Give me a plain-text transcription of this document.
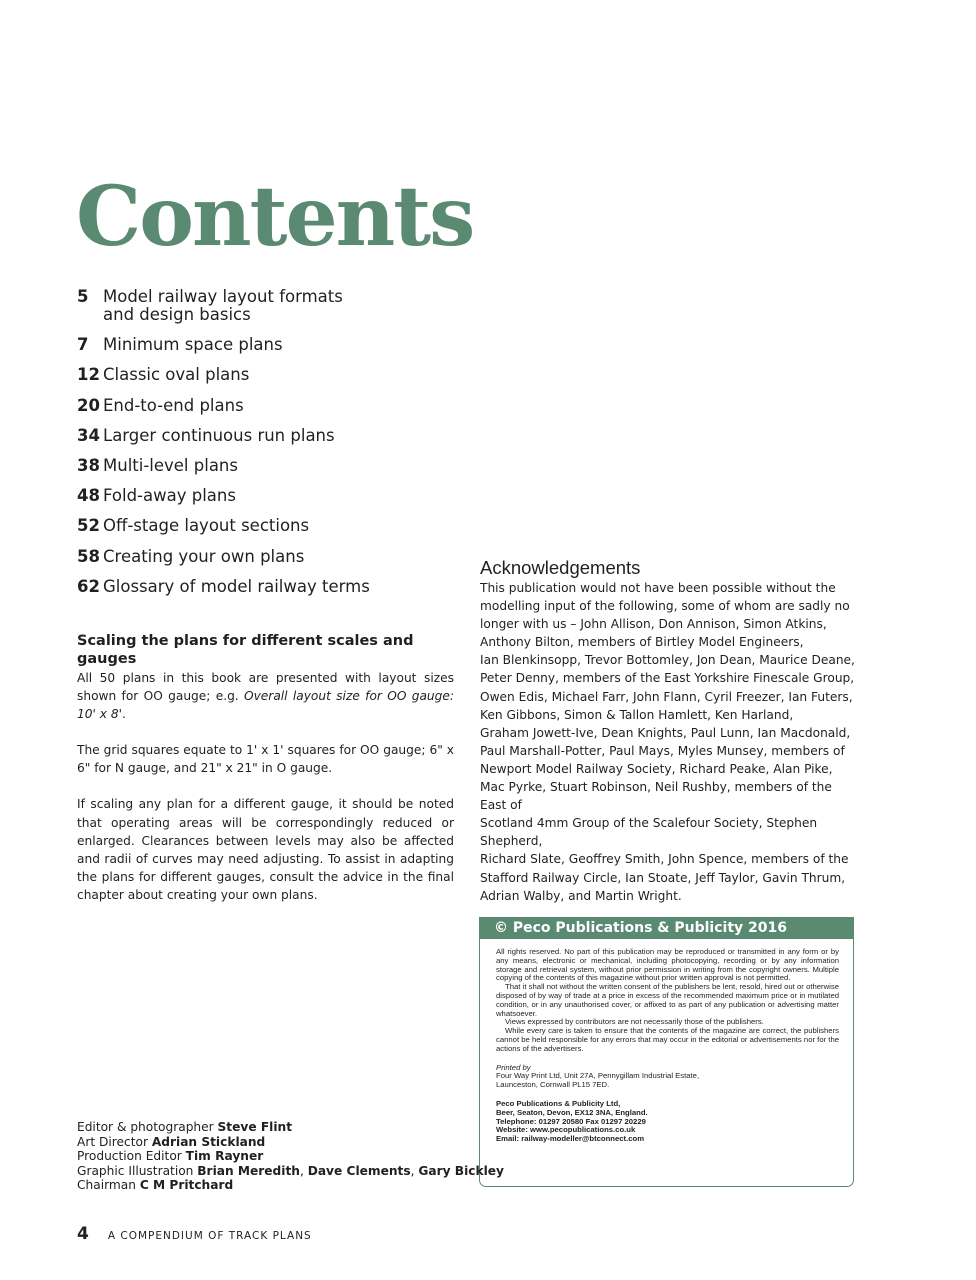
Contents
5 Model railway layout formats
and design basics
7 Minimum space plans
12 Classic oval plans
20 End-to-end plans
34 Larger continuous run plans
38 Multi-level plans
48 Fold-away plans
52 Off-stage layout sections
58 Creating your own plans
62 Glossary of model railway terms
Scaling the plans for different scales and gauges

All 50 plans in this book are presented with layout sizes shown for OO gauge; e.g. Overall layout size for OO gauge: 10' x 8'.

The grid squares equate to 1' x 1' squares for OO gauge; 6" x 6" for N gauge, and 21" x 21" in O gauge.

If scaling any plan for a different gauge, it should be noted that operating areas will be correspondingly reduced or enlarged. Clearances between levels may also be affected and radii of curves may need adjusting. To assist in adapting the plans for different gauges, consult the advice in the final chapter about creating your own plans.

Acknowledgements

This publication would not have been possible without the
modelling input of the following, some of whom are sadly no
longer with us – John Allison, Don Annison, Simon Atkins,
Anthony Bilton, members of Birtley Model Engineers,
Ian Blenkinsopp, Trevor Bottomley, Jon Dean, Maurice Deane,
Peter Denny, members of the East Yorkshire Finescale Group,
Owen Edis, Michael Farr, John Flann, Cyril Freezer, Ian Futers,
Ken Gibbons, Simon & Tallon Hamlett, Ken Harland,
Graham Jowett-Ive, Dean Knights, Paul Lunn, Ian Macdonald,
Paul Marshall-Potter, Paul Mays, Myles Munsey, members of
Newport Model Railway Society, Richard Peake, Alan Pike,
Mac Pyrke, Stuart Robinson, Neil Rushby, members of the East of
Scotland 4mm Group of the Scalefour Society, Stephen Shepherd,
Richard Slate, Geoffrey Smith, John Spence, members of the
Stafford Railway Circle, Ian Stoate, Jeff Taylor, Gavin Thrum,
Adrian Walby, and Martin Wright.

© Peco Publications & Publicity 2016

All rights reserved. No part of this publication may be reproduced or transmitted in any form or by any means, electronic or mechanical, including photocopying, recording or by any information storage and retrieval system, without prior permission in writing from the copyright owners. Multiple copying of the contents of this magazine without prior written approval is not permitted.

That it shall not without the written consent of the publishers be lent, resold, hired out or otherwise disposed of by way of trade at a price in excess of the recommended maximum price or in mutilated condition, or in any unauthorised cover, or affixed to as part of any publication or advertising matter whatsoever.

Views expressed by contributors are not necessarily those of the publishers.

While every care is taken to ensure that the contents of the magazine are correct, the publishers cannot be held responsible for any errors that may occur in the editorial or advertisements nor for the actions of the advertisers.

Printed by
Four Way Print Ltd, Unit 27A, Pennygillam Industrial Estate,
Launceston, Cornwall PL15 7ED.

Peco Publications & Publicity Ltd,
Beer, Seaton, Devon, EX12 3NA, England.
Telephone: 01297 20580 Fax 01297 20229
Website: www.pecopublications.co.uk
Email: railway-modeller@btconnect.com

Editor & photographer Steve Flint
Art Director Adrian Stickland
Production Editor Tim Rayner
Graphic Illustration Brian Meredith, Dave Clements, Gary Bickley
Chairman C M Pritchard
4 A COMPENDIUM OF TRACK PLANS
